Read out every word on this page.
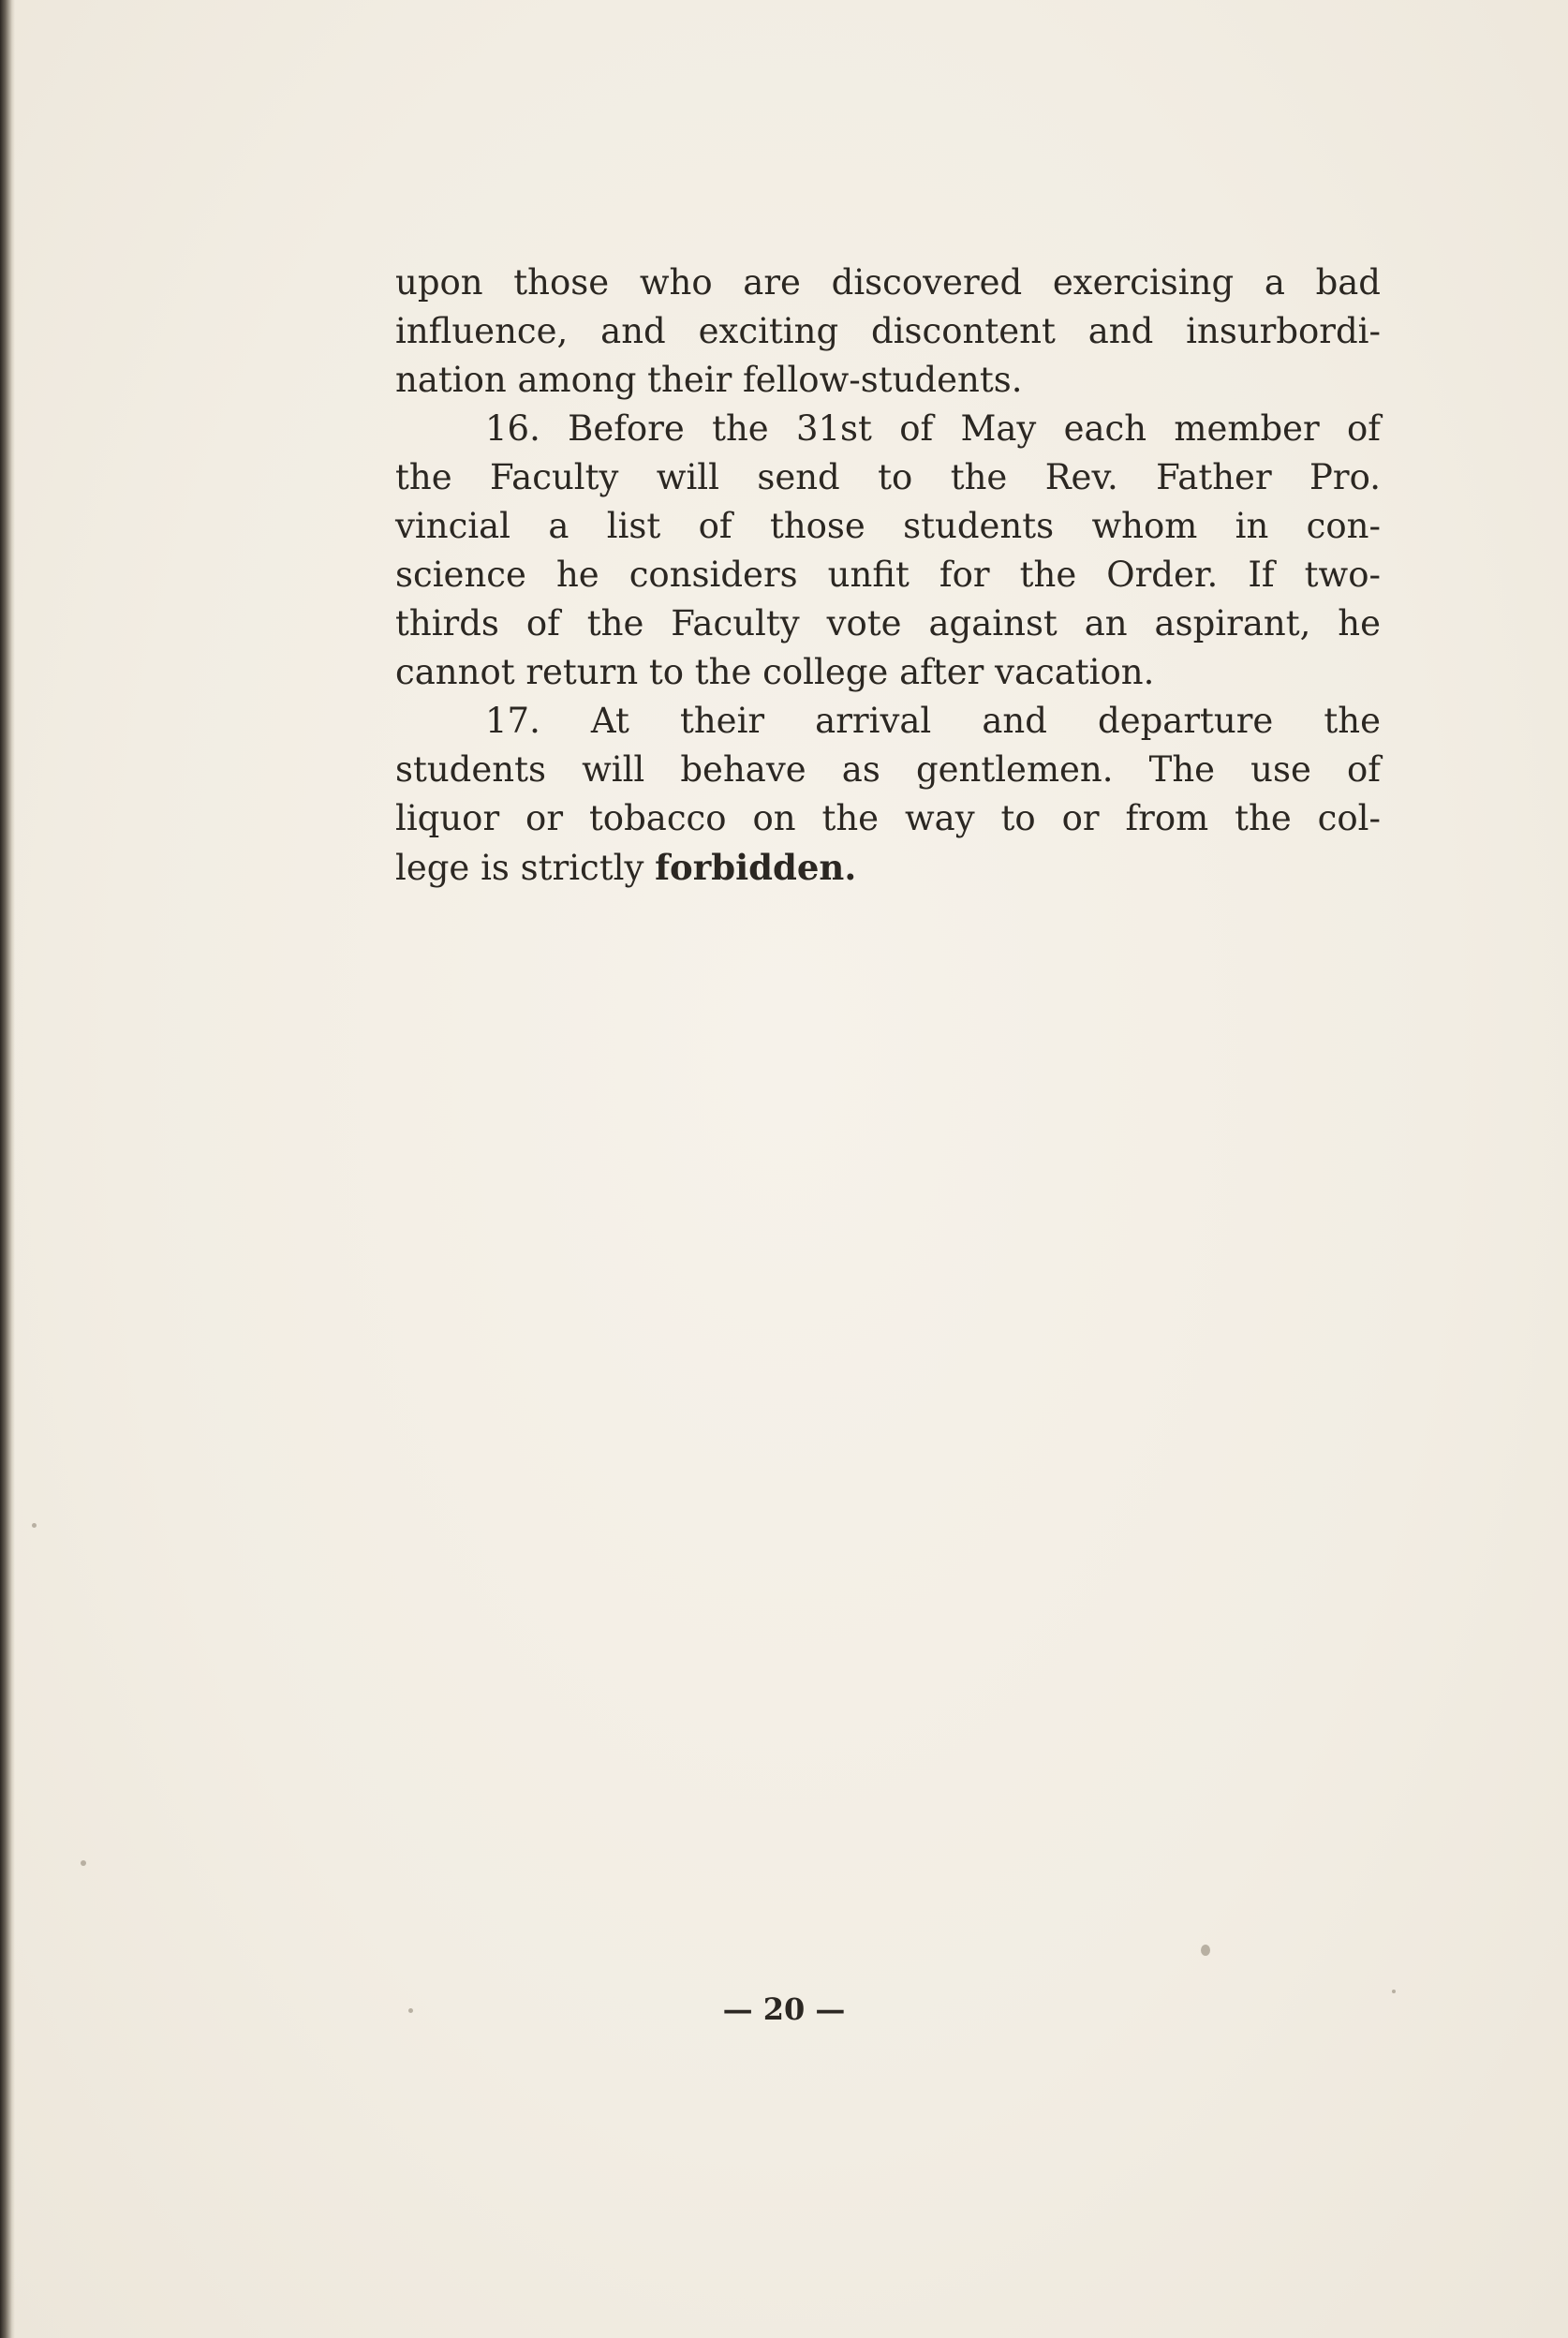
upon those who are discovered exercising a bad
influence, and exciting discontent and insurbordi-
nation among their fellow-students.
16. Before the 31st of May each member of
the Faculty will send to the Rev. Father Pro.
vincial a list of those students whom in con-
science he considers unfit for the Order. If two-
thirds of the Faculty vote against an aspirant, he
cannot return to the college after vacation.
17. At their arrival and departure the
students will behave as gentlemen. The use of
liquor or tobacco on the way to or from the col-
lege is strictly forbidden.
— 20 —
